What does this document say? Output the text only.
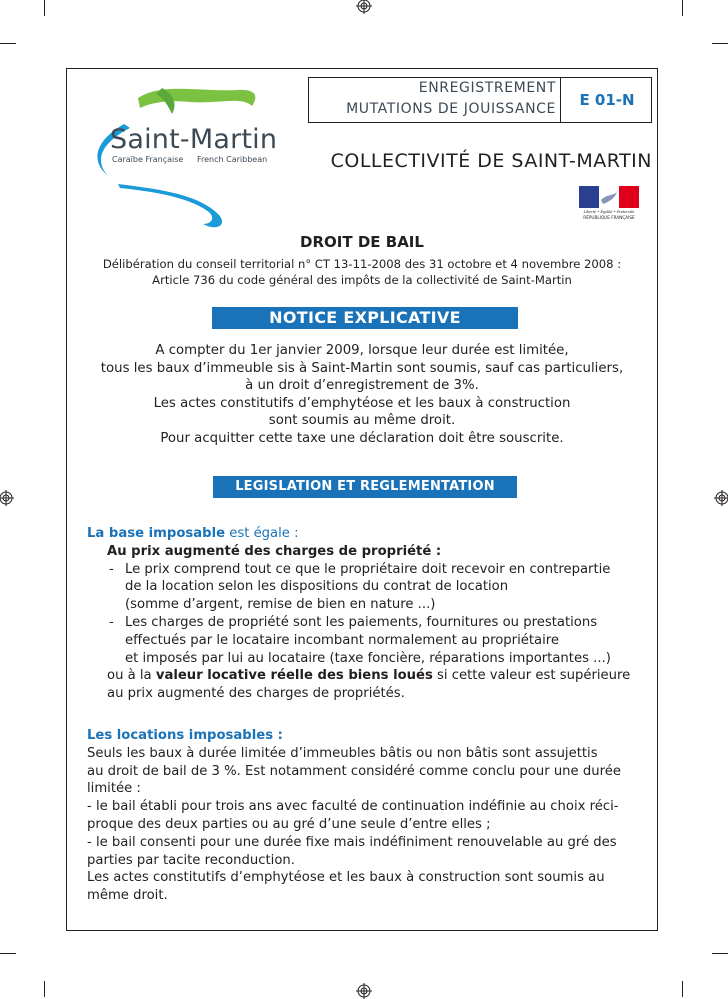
Saint-Martin
Caraïbe Française French Caribbean
ENREGISTREMENT
MUTATIONS DE JOUISSANCE	E 01-N
COLLECTIVITÉ DE SAINT-MARTIN
Liberté • Égalité • Fraternité
RÉPUBLIQUE FRANÇAISE
DROIT DE BAIL
Délibération du conseil territorial n° CT 13-11-2008 des 31 octobre et 4 novembre 2008 :
Article 736 du code général des impôts de la collectivité de Saint-Martin
NOTICE EXPLICATIVE
A compter du 1er janvier 2009, lorsque leur durée est limitée,
tous les baux d’immeuble sis à Saint-Martin sont soumis, sauf cas particuliers,
à un droit d’enregistrement de 3%.
Les actes constitutifs d’emphytéose et les baux à construction
sont soumis au même droit.
Pour acquitter cette taxe une déclaration doit être souscrite.
LEGISLATION ET REGLEMENTATION
La base imposable est égale :
Au prix augmenté des charges de propriété :
- Le prix comprend tout ce que le propriétaire doit recevoir en contrepartie
de la location selon les dispositions du contrat de location
(somme d’argent, remise de bien en nature ...)
- Les charges de propriété sont les paiements, fournitures ou prestations
effectués par le locataire incombant normalement au propriétaire
et imposés par lui au locataire (taxe foncière, réparations importantes ...)
ou à la valeur locative réelle des biens loués si cette valeur est supérieure
au prix augmenté des charges de propriétés.
Les locations imposables :
Seuls les baux à durée limitée d’immeubles bâtis ou non bâtis sont assujettis
au droit de bail de 3 %. Est notamment considéré comme conclu pour une durée
limitée :
- le bail établi pour trois ans avec faculté de continuation indéfinie au choix réci-
proque des deux parties ou au gré d’une seule d’entre elles ;
- le bail consenti pour une durée fixe mais indéfiniment renouvelable au gré des
parties par tacite reconduction.
Les actes constitutifs d’emphytéose et les baux à construction sont soumis au
même droit.
